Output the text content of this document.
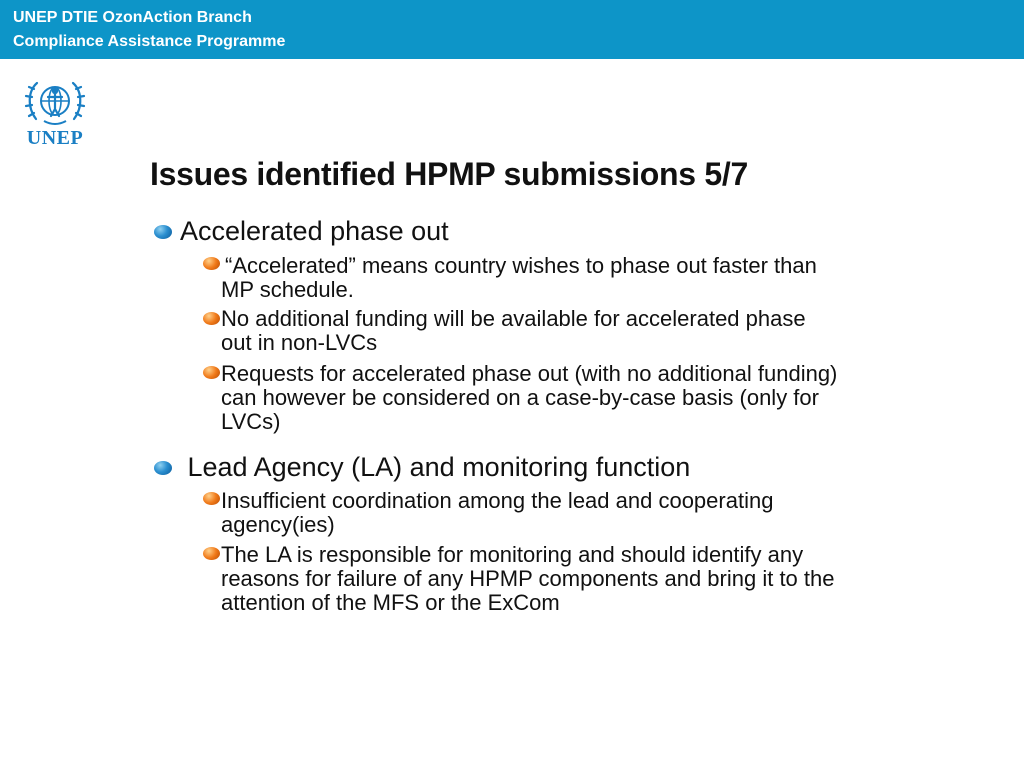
UNEP DTIE OzonAction Branch
Compliance Assistance Programme
UNEP
Issues identified HPMP submissions 5/7
Accelerated phase out
“Accelerated” means country wishes to phase out faster than MP schedule.
No additional funding will be available for accelerated phase out in non-LVCs
Requests for accelerated phase out (with no additional funding) can however be considered on a case-by-case basis (only for LVCs)
Lead Agency (LA) and monitoring function
Insufficient coordination among the lead and cooperating agency(ies)
The LA is responsible for monitoring and should identify any reasons for failure of any HPMP components and bring it to the attention of the MFS or the ExCom
